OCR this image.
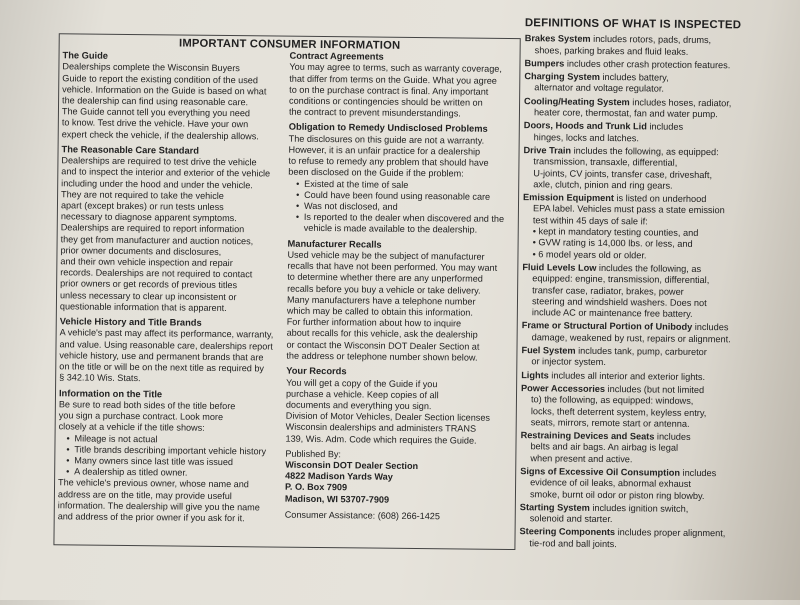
IMPORTANT CONSUMER INFORMATION
The Guide
Dealerships complete the Wisconsin Buyers
Guide to report the existing condition of the used
vehicle. Information on the Guide is based on what
the dealership can find using reasonable care.
The Guide cannot tell you everything you need
to know. Test drive the vehicle. Have your own
expert check the vehicle, if the dealership allows.
The Reasonable Care Standard
Dealerships are required to test drive the vehicle
and to inspect the interior and exterior of the vehicle
including under the hood and under the vehicle.
They are not required to take the vehicle
apart (except brakes) or run tests unless
necessary to diagnose apparent symptoms.
Dealerships are required to report information
they get from manufacturer and auction notices,
prior owner documents and disclosures,
and their own vehicle inspection and repair
records. Dealerships are not required to contact
prior owners or get records of previous titles
unless necessary to clear up inconsistent or
questionable information that is apparent.
Vehicle History and Title Brands
A vehicle's past may affect its performance, warranty,
and value. Using reasonable care, dealerships report
vehicle history, use and permanent brands that are
on the title or will be on the next title as required by
§ 342.10 Wis. Stats.
Information on the Title
Be sure to read both sides of the title before
you sign a purchase contract. Look more
closely at a vehicle if the title shows:
• Mileage is not actual
• Title brands describing important vehicle history
• Many owners since last title was issued
• A dealership as titled owner.
The vehicle's previous owner, whose name and
address are on the title, may provide useful
information. The dealership will give you the name
and address of the prior owner if you ask for it.
Contract Agreements
You may agree to terms, such as warranty coverage,
that differ from terms on the Guide. What you agree
to on the purchase contract is final. Any important
conditions or contingencies should be written on
the contract to prevent misunderstandings.
Obligation to Remedy Undisclosed Problems
The disclosures on this guide are not a warranty.
However, it is an unfair practice for a dealership
to refuse to remedy any problem that should have
been disclosed on the Guide if the problem:
• Existed at the time of sale
• Could have been found using reasonable care
• Was not disclosed, and
• Is reported to the dealer when discovered and the vehicle is made available to the dealership.
Manufacturer Recalls
Used vehicle may be the subject of manufacturer
recalls that have not been performed. You may want
to determine whether there are any unperformed
recalls before you buy a vehicle or take delivery.
Many manufacturers have a telephone number
which may be called to obtain this information.
For further information about how to inquire
about recalls for this vehicle, ask the dealership
or contact the Wisconsin DOT Dealer Section at
the address or telephone number shown below.
Your Records
You will get a copy of the Guide if you
purchase a vehicle. Keep copies of all
documents and everything you sign.
Division of Motor Vehicles, Dealer Section licenses
Wisconsin dealerships and administers TRANS
139, Wis. Adm. Code which requires the Guide.

Published By:

Wisconsin DOT Dealer Section
4822 Madison Yards Way
P. O. Box 7909
Madison, WI 53707-7909

Consumer Assistance: (608) 266-1425

DEFINITIONS OF WHAT IS INSPECTED
Brakes System includes rotors, pads, drums,
shoes, parking brakes and fluid leaks.
Bumpers includes other crash protection features.
Charging System includes battery,
alternator and voltage regulator.
Cooling/Heating System includes hoses, radiator,
heater core, thermostat, fan and water pump.
Doors, Hoods and Trunk Lid includes
hinges, locks and latches.
Drive Train includes the following, as equipped:
transmission, transaxle, differential,
U-joints, CV joints, transfer case, driveshaft,
axle, clutch, pinion and ring gears.
Emission Equipment is listed on underhood
EPA label. Vehicles must pass a state emission
test within 45 days of sale if:
• kept in mandatory testing counties, and
• GVW rating is 14,000 lbs. or less, and
• 6 model years old or older.
Fluid Levels Low includes the following, as
equipped: engine, transmission, differential,
transfer case, radiator, brakes, power
steering and windshield washers. Does not
include AC or maintenance free battery.
Frame or Structural Portion of Unibody includes
damage, weakened by rust, repairs or alignment.
Fuel System includes tank, pump, carburetor
or injector system.
Lights includes all interior and exterior lights.
Power Accessories includes (but not limited
to) the following, as equipped: windows,
locks, theft deterrent system, keyless entry,
seats, mirrors, remote start or antenna.
Restraining Devices and Seats includes
belts and air bags. An airbag is legal
when present and active.
Signs of Excessive Oil Consumption includes
evidence of oil leaks, abnormal exhaust
smoke, burnt oil odor or piston ring blowby.
Starting System includes ignition switch,
solenoid and starter.
Steering Components includes proper alignment,
tie-rod and ball joints.
